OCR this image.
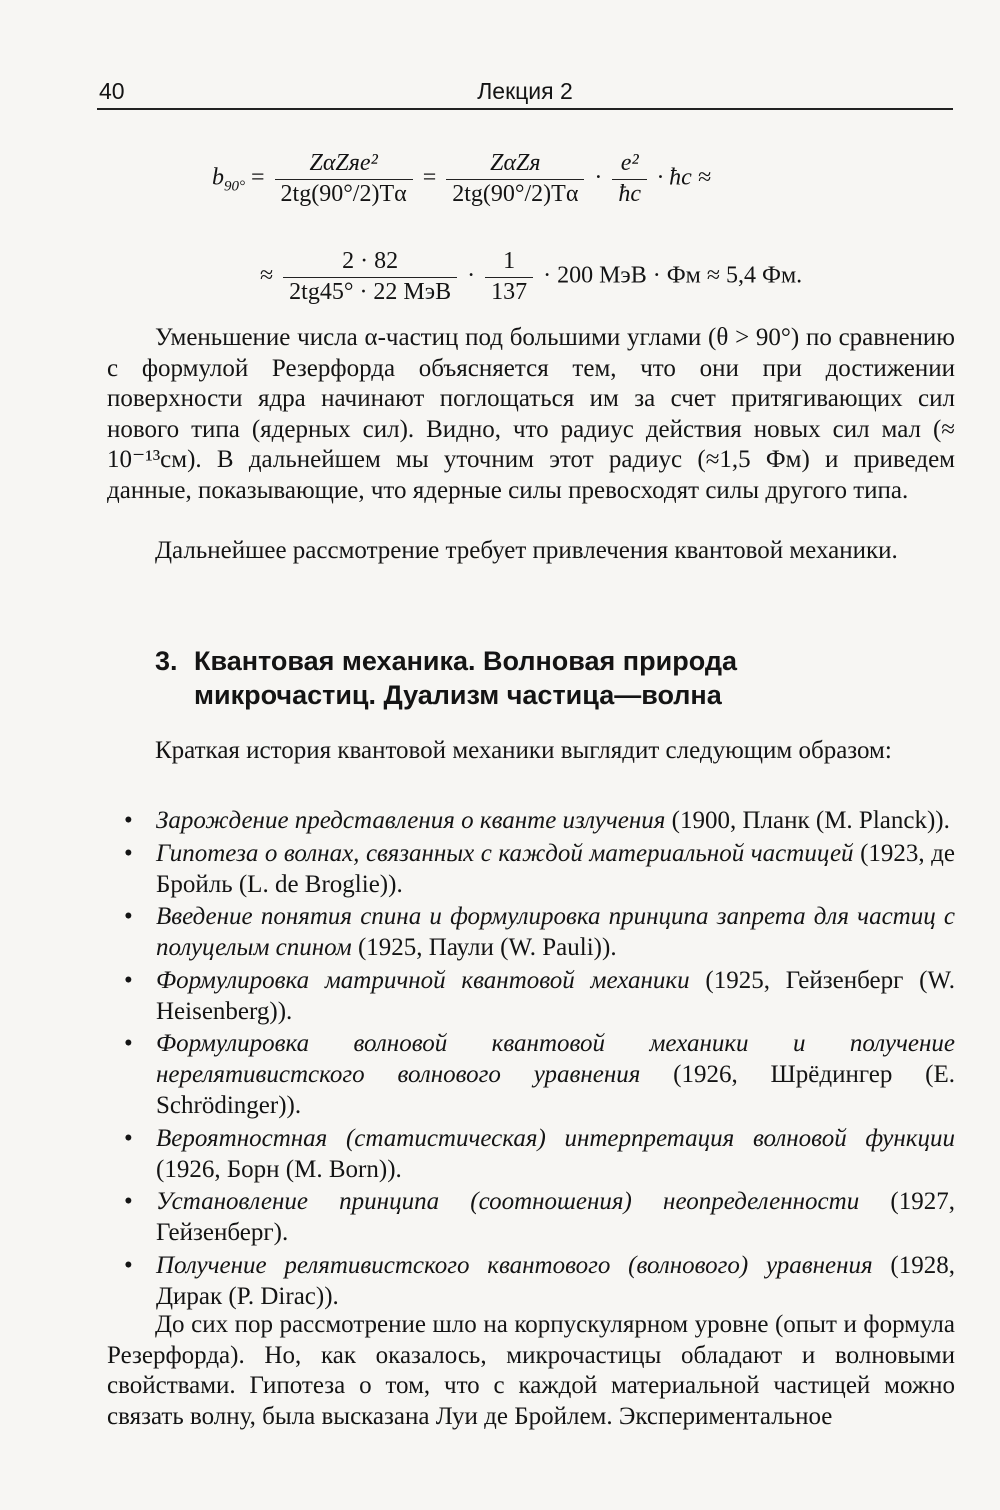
40	Лекция 2
$b_{90^\circ} = \frac{\text{ZαZяe²}}{2tg(90^\circ/2)T\alpha} = \frac{\text{ZαZя}}{2tg(90^\circ/2)T\alpha} \cdot \frac{\text{e²}}{ħc}$ · ħc ≈
≈ $\frac{2 \cdot 82}{\text{2tg45° · 22 МэВ}} \cdot \frac{1}{137} \cdot 200$ МэВ · Фм ≈ 5,4 Фм.

Уменьшение числа α-частиц под большими углами (θ > 90°) по сравнению с формулой Резерфорда объясняется тем, что они при достижении поверхности ядра начинают поглощаться им за счет притягивающих сил нового типа (ядерных сил). Видно, что радиус действия новых сил мал (≈ 10⁻¹³см). В дальнейшем мы уточним этот радиус (≈1,5 Фм) и приведем данные, показывающие, что ядерные силы превосходят силы другого типа.

Дальнейшее рассмотрение требует привлечения квантовой механики.

3. Квантовая механика. Волновая природа микрочастиц. Дуализм частица—волна

Краткая история квантовой механики выглядит следующим образом:

• Зарождение представления о кванте излучения (1900, Планк (M. Planck)).
• Гипотеза о волнах, связанных с каждой материальной частицей (1923, де Бройль (L. de Broglie)).
• Введение понятия спина и формулировка принципа запрета для частиц с полуцелым спином (1925, Паули (W. Pauli)).
• Формулировка матричной квантовой механики (1925, Гейзенберг (W. Heisenberg)).
• Формулировка волновой квантовой механики и получение нерелятивистского волнового уравнения (1926, Шрёдингер (E. Schrödinger)).
• Вероятностная (статистическая) интерпретация волновой функции (1926, Борн (M. Born)).
• Установление принципа (соотношения) неопределенности (1927, Гейзенберг).
• Получение релятивистского квантового (волнового) уравнения (1928, Дирак (P. Dirac)).

До сих пор рассмотрение шло на корпускулярном уровне (опыт и формула Резерфорда). Но, как оказалось, микрочастицы обладают и волновыми свойствами. Гипотеза о том, что с каждой материальной частицей можно связать волну, была высказана Луи де Бройлем. Экспериментальное
